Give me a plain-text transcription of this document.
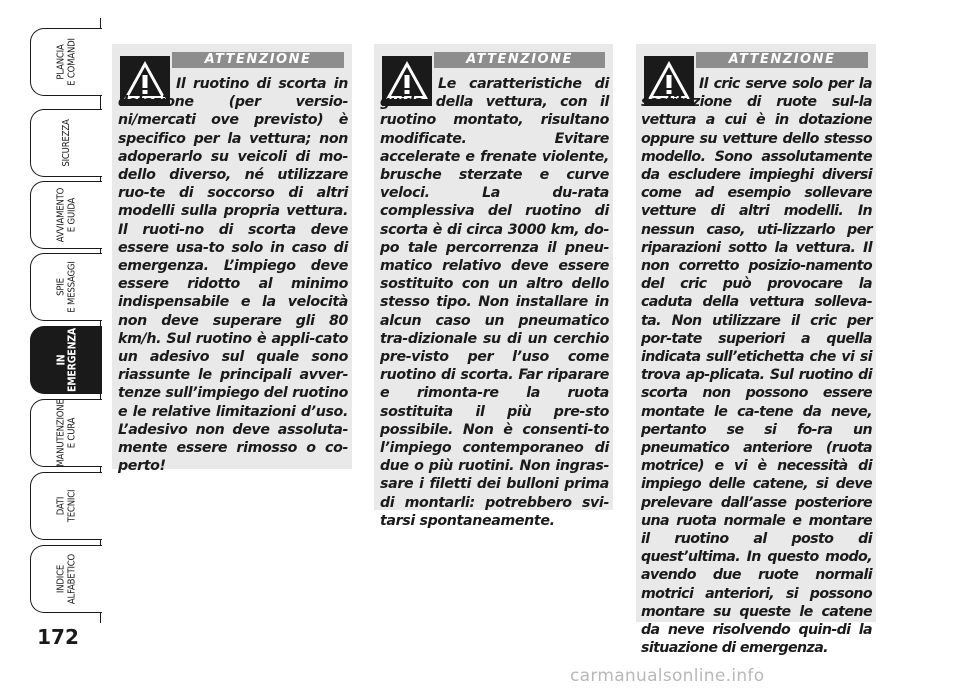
PLANCIA E COMANDI
SICUREZZA
AVVIAMENTO E GUIDA
SPIE E MESSAGGI
IN
EMERGENZA
MANUTENZIONE E CURA
DATI TECNICI
INDICE ALFABETICO
172
ATTENZIONE
Il ruotino di scorta in dotazione (per versio-ni/mercati ove previsto) è specifico per la vettura; non adoperarlo su veicoli di mo-dello diverso, né utilizzare ruo-te di soccorso di altri modelli sulla propria vettura. Il ruoti-no di scorta deve essere usa-to solo in caso di emergenza. L’impiego deve essere ridotto al minimo indispensabile e la velocità non deve superare gli 80 km/h. Sul ruotino è appli-cato un adesivo sul quale sono riassunte le principali avver-tenze sull’impiego del ruotino e le relative limitazioni d’uso. L’adesivo non deve assoluta-mente essere rimosso o co-perto!
ATTENZIONE
Le caratteristiche di guida della vettura, con il ruotino montato, risultano modificate. Evitare accelerate e frenate violente, brusche sterzate e curve veloci. La du-rata complessiva del ruotino di scorta è di circa 3000 km, do-po tale percorrenza il pneu-matico relativo deve essere sostituito con un altro dello stesso tipo. Non installare in alcun caso un pneumatico tra-dizionale su di un cerchio pre-visto per l’uso come ruotino di scorta. Far riparare e rimonta-re la ruota sostituita il più pre-sto possibile. Non è consenti-to l’impiego contemporaneo di due o più ruotini. Non ingras-sare i filetti dei bulloni prima di montarli: potrebbero svi-tarsi spontaneamente.
ATTENZIONE
Il cric serve solo per la sostituzione di ruote sul-la vettura a cui è in dotazione oppure su vetture dello stesso modello. Sono assolutamente da escludere impieghi diversi come ad esempio sollevare vetture di altri modelli. In nessun caso, uti-lizzarlo per riparazioni sotto la vettura. Il non corretto posizio-namento del cric può provocare la caduta della vettura solleva-ta. Non utilizzare il cric per por-tate superiori a quella indicata sull’etichetta che vi si trova ap-plicata. Sul ruotino di scorta non possono essere montate le ca-tene da neve, pertanto se si fo-ra un pneumatico anteriore (ruota motrice) e vi è necessità di impiego delle catene, si deve prelevare dall’asse posteriore una ruota normale e montare il ruotino al posto di quest’ultima. In questo modo, avendo due ruote normali motrici anteriori, si possono montare su queste le catene da neve risolvendo quin-di la situazione di emergenza.
carmanualsonline.info
